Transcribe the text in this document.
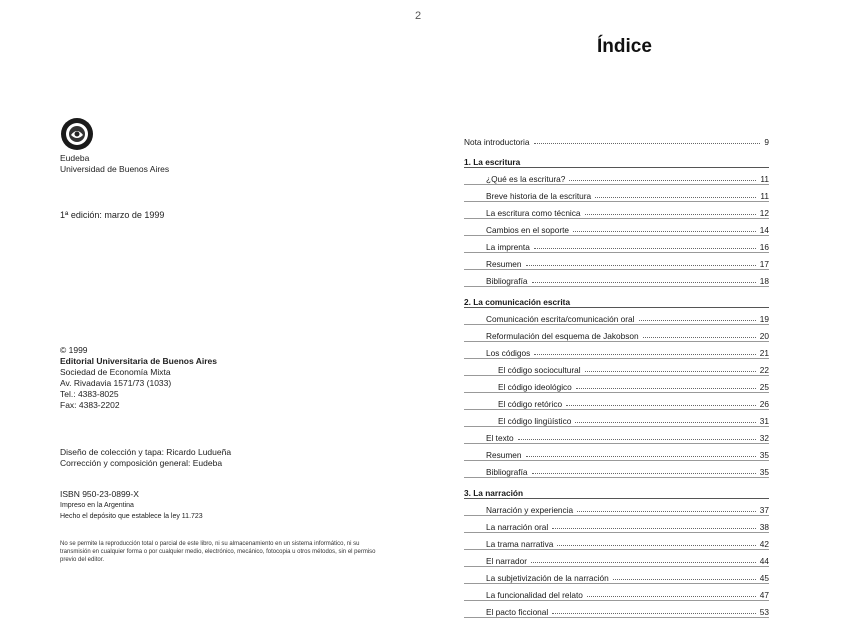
2
Eudeba
Universidad de Buenos Aires
1ª edición: marzo de 1999
© 1999
Editorial Universitaria de Buenos Aires
Sociedad de Economía Mixta
Av. Rivadavia 1571/73 (1033)
Tel.: 4383-8025
Fax: 4383-2202
Diseño de colección y tapa: Ricardo Ludueña
Corrección y composición general: Eudeba
ISBN 950-23-0899-X
Impreso en la Argentina
Hecho el depósito que establece la ley 11.723
No se permite la reproducción total o parcial de este libro, ni su almacenamiento en un sistema informático, ni su transmisión en cualquier forma o por cualquier medio, electrónico, mecánico, fotocopia u otros métodos, sin el permiso previo del editor.
Índice
Nota introductoria	9
1. La escritura
¿Qué es la escritura?	11
Breve historia de la escritura	11
La escritura como técnica	12
Cambios en el soporte	14
La imprenta	16
Resumen	17
Bibliografía	18
2. La comunicación escrita
Comunicación escrita/comunicación oral	19
Reformulación del esquema de Jakobson	20
Los códigos	21
El código sociocultural	22
El código ideológico	25
El código retórico	26
El código lingüístico	31
El texto	32
Resumen	35
Bibliografía	35
3. La narración
Narración y experiencia	37
La narración oral	38
La trama narrativa	42
El narrador	44
La subjetivización de la narración	45
La funcionalidad del relato	47
El pacto ficcional	53
